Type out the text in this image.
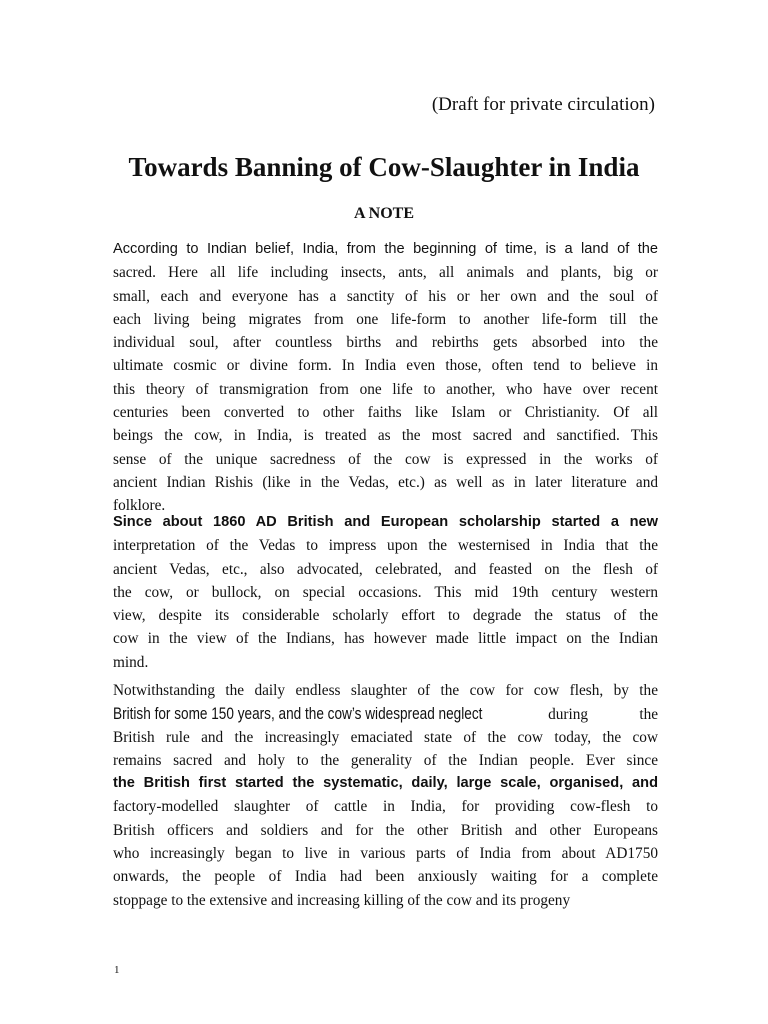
(Draft for private circulation)
Towards Banning of Cow-Slaughter in India
A NOTE
According to Indian belief, India, from the beginning of time, is a land of the
sacred. Here all life including insects, ants, all animals and plants, big or
small, each and everyone has a sanctity of his or her own and the soul of
each living being migrates from one life-form to another life-form till the
individual soul, after countless births and rebirths gets absorbed into the
ultimate cosmic or divine form. In India even those, often tend to believe in
this theory of transmigration from one life to another, who have over recent
centuries been converted to other faiths like Islam or Christianity. Of all
beings the cow, in India, is treated as the most sacred and sanctified. This
sense of the unique sacredness of the cow is expressed in the works of
ancient Indian Rishis (like in the Vedas, etc.) as well as in later literature and
folklore.
Since about 1860 AD British and European scholarship started a new
interpretation of the Vedas to impress upon the westernised in India that the
ancient Vedas, etc., also advocated, celebrated, and feasted on the flesh of
the cow, or bullock, on special occasions. This mid 19th century western
view, despite its considerable scholarly effort to degrade the status of the
cow in the view of the Indians, has however made little impact on the Indian
mind.
Notwithstanding the daily endless slaughter of the cow for cow flesh, by the
British for some 150 years, and the cow’s widespread neglect	during the
British rule and the increasingly emaciated state of the cow today, the cow
remains sacred and holy to the generality of the Indian people. Ever since
the British first started the systematic, daily, large scale, organised, and
factory-modelled slaughter of cattle in India, for providing cow-flesh to
British officers and soldiers and for the other British and other Europeans
who increasingly began to live in various parts of India from about AD1750
onwards, the people of India had been anxiously waiting for a complete
stoppage to the extensive and increasing killing of the cow and its progeny
1
